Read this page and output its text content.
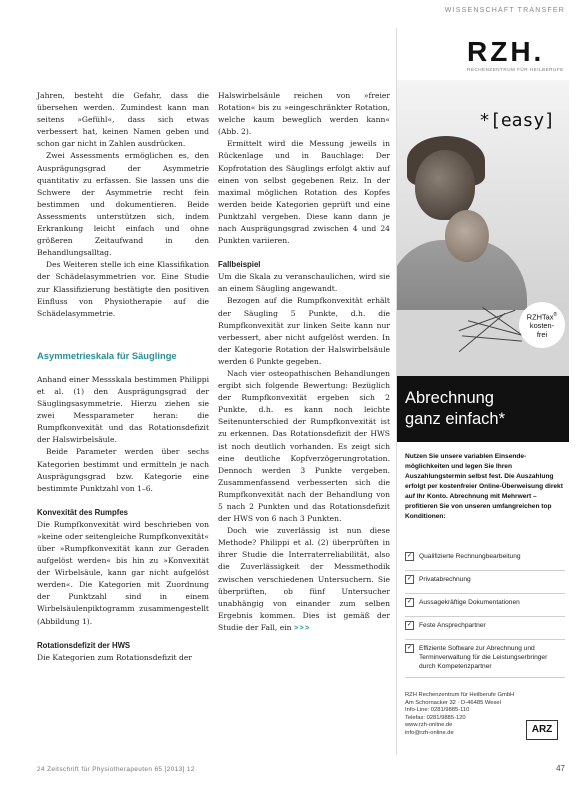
WISSENSCHAFT TRANSFER

Jahren, besteht die Gefahr, dass die übersehen werden. Zumindest kann man seitens »Gefühl«, dass sich etwas verbessert hat, keinen Namen geben und schon gar nicht in Zahlen ausdrücken.

Zwei Assessments ermöglichen es, den Ausprägungsgrad der Asymmetrie quantitativ zu erfassen. Sie lassen uns die Schwere der Asymmetrie recht fein bestimmen und dokumentieren. Beide Assessments unterstützen sich, indem Erkrankung leicht einfach und ohne größeren Zeitaufwand in den Behandlungsalltag.

Des Weiteren stelle ich eine Klassifikation der Schädelasymmetrien vor. Eine Studie zur Klassifizierung bestätigte den positiven Einfluss von Physiotherapie auf die Schädelasymmetrie.

Asymmetrieskala für Säuglinge

Anhand einer Messskala bestimmen Philippi et al. (1) den Ausprägungsgrad der Säuglingsasymmetrie. Hierzu ziehen sie zwei Messparameter heran: die Rumpfkonvexität und das Rotationsdefizit der Halswirbelsäule.

Beide Parameter werden über sechs Kategorien bestimmt und ermitteln je nach Ausprägungsgrad bzw. Kategorie eine bestimmte Punktzahl von 1–6.

Konvexität des Rumpfes

Die Rumpfkonvexität wird beschrieben von »keine oder seitengleiche Rumpfkonvexität« über »Rumpfkonvexität kann zur Geraden aufgelöst werden« bis hin zu »Konvexität der Wirbelsäule, kann gar nicht aufgelöst werden«. Die Kategorien mit Zuordnung der Punktzahl sind in einem Wirbelsäulenpiktogramm zusammengestellt (Abbildung 1).

Rotationsdefizit der HWS

Die Kategorien zum Rotationsdefizit der

Halswirbelsäule reichen von »freier Rotation« bis zu »eingeschränkter Rotation, welche kaum beweglich werden kann« (Abb. 2).

Ermittelt wird die Messung jeweils in Rückenlage und in Bauchlage: Der Kopfrotation des Säuglings erfolgt aktiv auf einen von selbst gegebenen Reiz. In der maximal möglichen Rotation des Kopfes werden beide Kategorien geprüft und eine Punktzahl vergeben. Diese kann dann je nach Ausprägungsgrad zwischen 4 und 24 Punkten variieren.

Fallbeispiel

Um die Skala zu veranschaulichen, wird sie an einem Säugling angewandt.

Bezogen auf die Rumpfkonvexität erhält der Säugling 5 Punkte, d.h. die Rumpfkonvexität zur linken Seite kann nur verbessert, aber nicht aufgelöst werden. In der Kategorie Rotation der Halswirbelsäule werden 6 Punkte gegeben.

Nach vier osteopathischen Behandlungen ergibt sich folgende Bewertung: Bezüglich der Rumpfkonvexität ergeben sich 2 Punkte, d.h. es kann noch leichte Seitenunterschied der Rumpfkonvexität ist zu erkennen. Das Rotationsdefizit der HWS ist noch deutlich vorhanden. Es zeigt sich eine deutliche Kopfverzögerungrotation. Dennoch werden 3 Punkte vergeben. Zusammenfassend verbesserten sich die Rumpfkonvexität nach der Behandlung von 5 nach 2 Punkten und das Rotationsdefizit der HWS von 6 nach 3 Punkten.

Doch wie zuverlässig ist nun diese Methode? Philippi et al. (2) überprüften in ihrer Studie die Interraterreliabilität, also die Zuverlässigkeit der Messmethodik zwischen verschiedenen Untersuchern. Sie überprüften, ob fünf Untersucher unabhängig von einander zum selben Ergebnis kommen. Dies ist gemäß der Studie der Fall, ein >>>

RZH.
RECHENZENTRUM FÜR HEILBERUFE
*[easy]
RZHTax®
kosten-
frei
Abrechnung
ganz einfach*
Nutzen Sie unsere variablen Einsende-möglichkeiten und legen Sie Ihren Auszahlungstermin selbst fest. Die Auszahlung erfolgt per kostenfreier Online-Überweisung direkt auf Ihr Konto. Abrechnung mit Mehrwert – profitieren Sie von unseren umfangreichen top Konditionen:
✓	Qualifizierte Rechnungbearbeitung
✓	Privatabrechnung
✓	Aussagekräftige Dokumentationen
✓	Feste Ansprechpartner
✓	Effiziente Software zur Abrechnung und Terminverwaltung für die Leistungserbringer durch Kompetenzpartner
RZH Rechenzentrum für Heilberufe GmbH
Am Schornacker 32 · D-46485 Wesel
Info-Line: 0281/9885-110
Telefax: 0281/9885-120
www.rzh-online.de
info@rzh-online.de	ARZ
24 Zeitschrift für Physiotherapeuten 65 [2013] 12	47
